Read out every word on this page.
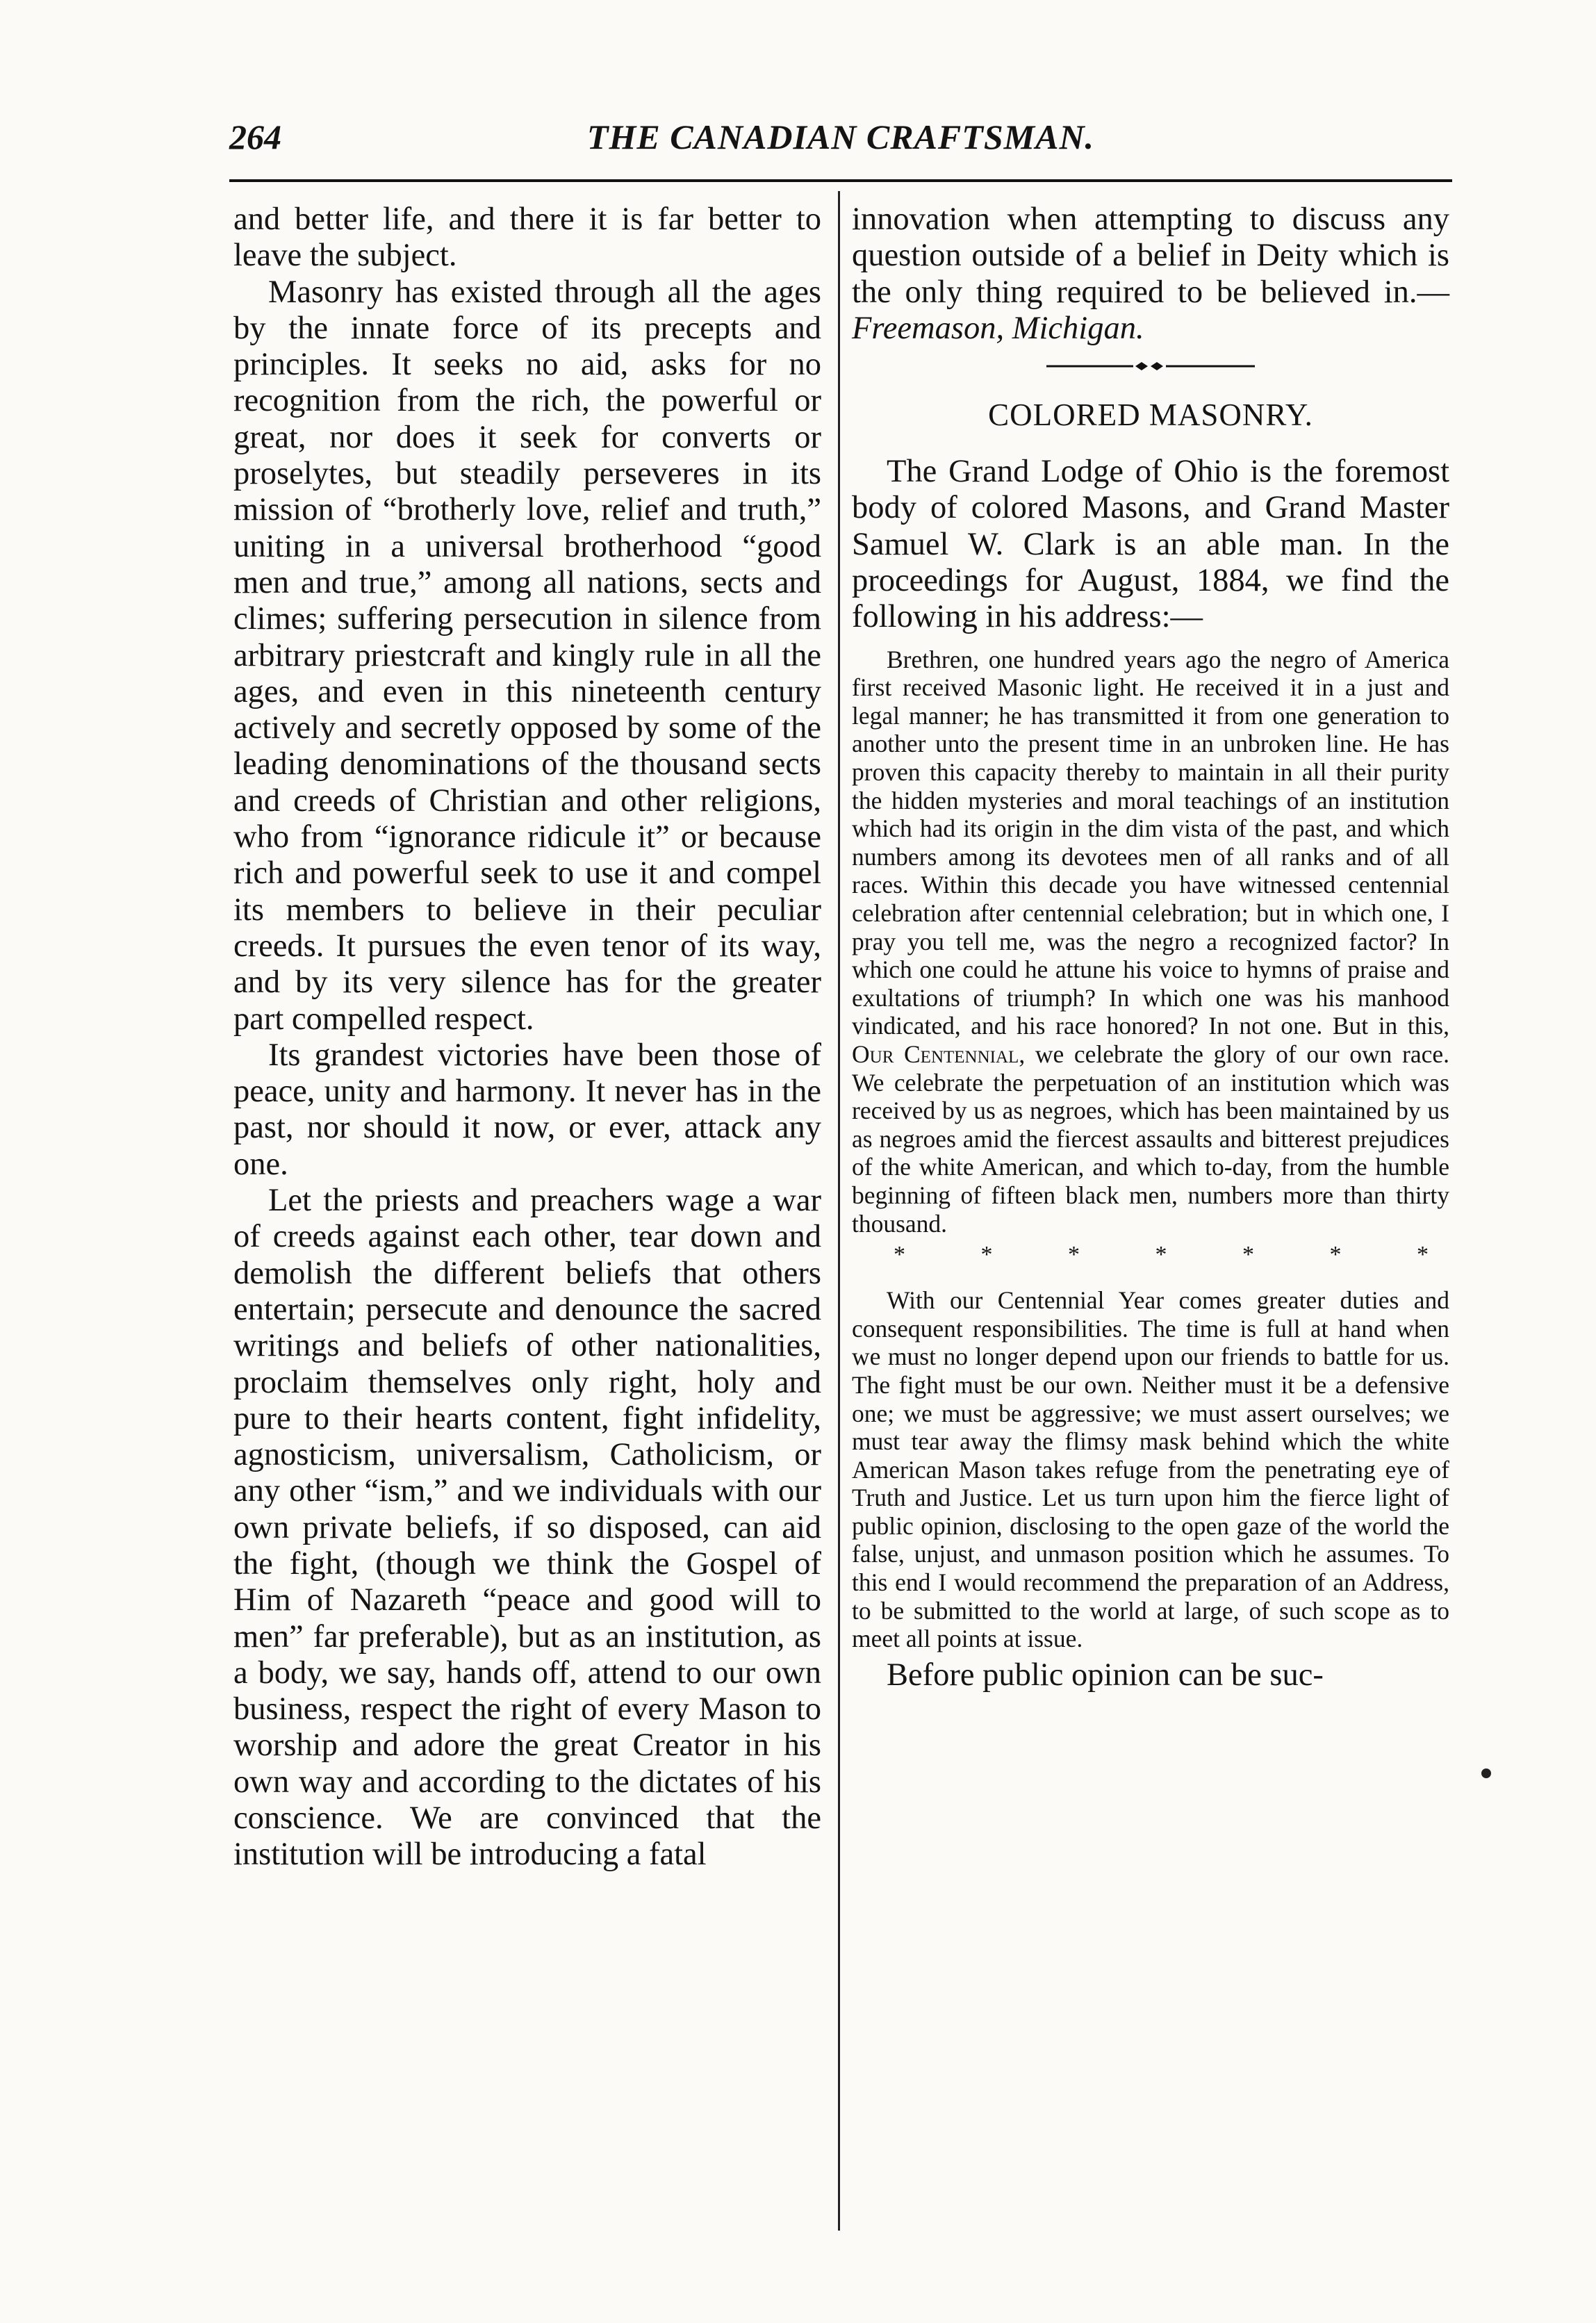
264	THE CANADIAN CRAFTSMAN.

and better life, and there it is far better to leave the subject.

Masonry has existed through all the ages by the innate force of its precepts and principles. It seeks no aid, asks for no recognition from the rich, the powerful or great, nor does it seek for converts or proselytes, but steadily perseveres in its mission of “brotherly love, relief and truth,” uniting in a universal brotherhood “good men and true,” among all nations, sects and climes; suffering persecution in silence from arbitrary priestcraft and kingly rule in all the ages, and even in this nineteenth century actively and secretly opposed by some of the leading denominations of the thousand sects and creeds of Christian and other religions, who from “ignorance ridicule it” or because rich and powerful seek to use it and compel its members to believe in their peculiar creeds. It pursues the even tenor of its way, and by its very silence has for the greater part compelled respect.

Its grandest victories have been those of peace, unity and harmony. It never has in the past, nor should it now, or ever, attack any one.

Let the priests and preachers wage a war of creeds against each other, tear down and demolish the different beliefs that others entertain; persecute and denounce the sacred writings and beliefs of other nationalities, proclaim themselves only right, holy and pure to their hearts content, fight infidelity, agnosticism, universalism, Catholicism, or any other “ism,” and we individuals with our own private beliefs, if so disposed, can aid the fight, (though we think the Gospel of Him of Nazareth “peace and good will to men” far preferable), but as an institution, as a body, we say, hands off, attend to our own business, respect the right of every Mason to worship and adore the great Creator in his own way and according to the dictates of his conscience. We are convinced that the institution will be introducing a fatal

innovation when attempting to discuss any question outside of a belief in Deity which is the only thing required to be believed in.—Freemason, Michigan.

COLORED MASONRY.

The Grand Lodge of Ohio is the foremost body of colored Masons, and Grand Master Samuel W. Clark is an able man. In the proceedings for August, 1884, we find the following in his address:—

Brethren, one hundred years ago the negro of America first received Masonic light. He received it in a just and legal manner; he has transmitted it from one generation to another unto the present time in an unbroken line. He has proven this capacity thereby to maintain in all their purity the hidden mysteries and moral teachings of an institution which had its origin in the dim vista of the past, and which numbers among its devotees men of all ranks and of all races. Within this decade you have witnessed centennial celebration after centennial celebration; but in which one, I pray you tell me, was the negro a recognized factor? In which one could he attune his voice to hymns of praise and exultations of triumph? In which one was his manhood vindicated, and his race honored? In not one. But in this, Our Centennial, we celebrate the glory of our own race. We celebrate the perpetuation of an institution which was received by us as negroes, which has been maintained by us as negroes amid the fiercest assaults and bitterest prejudices of the white American, and which to-day, from the humble beginning of fifteen black men, numbers more than thirty thousand.

*	*	*	*	*	*	*

With our Centennial Year comes greater duties and consequent responsibilities. The time is full at hand when we must no longer depend upon our friends to battle for us. The fight must be our own. Neither must it be a defensive one; we must be aggressive; we must assert ourselves; we must tear away the flimsy mask behind which the white American Mason takes refuge from the penetrating eye of Truth and Justice. Let us turn upon him the fierce light of public opinion, disclosing to the open gaze of the world the false, unjust, and unmason position which he assumes. To this end I would recommend the preparation of an Address, to be submitted to the world at large, of such scope as to meet all points at issue.

Before public opinion can be suc-
